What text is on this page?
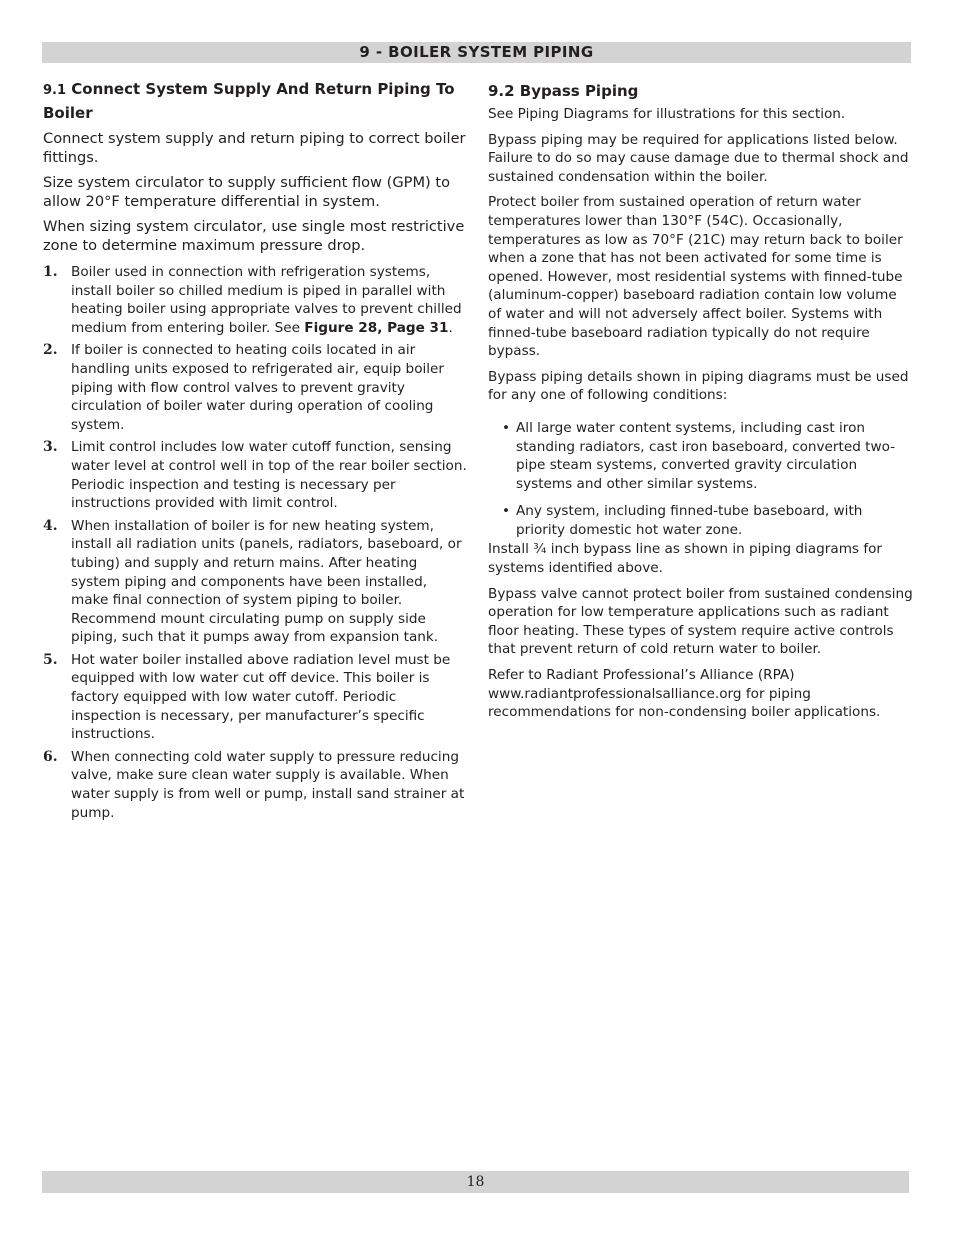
9 - BOILER SYSTEM PIPING
9.1 Connect System Supply And Return Piping To Boiler

Connect system supply and return piping to correct boiler fittings.

Size system circulator to supply sufficient flow (GPM) to allow 20°F temperature differential in system.

When sizing system circulator, use single most restrictive zone to determine maximum pressure drop.

1. Boiler used in connection with refrigeration systems, install boiler so chilled medium is piped in parallel with heating boiler using appropriate valves to prevent chilled medium from entering boiler. See Figure 28, Page 31.
2. If boiler is connected to heating coils located in air handling units exposed to refrigerated air, equip boiler piping with flow control valves to prevent gravity circulation of boiler water during operation of cooling system.
3. Limit control includes low water cutoff function, sensing water level at control well in top of the rear boiler section. Periodic inspection and testing is necessary per instructions provided with limit control.
4. When installation of boiler is for new heating system, install all radiation units (panels, radiators, baseboard, or tubing) and supply and return mains. After heating system piping and components have been installed, make final connection of system piping to boiler. Recommend mount circulating pump on supply side piping, such that it pumps away from expansion tank.
5. Hot water boiler installed above radiation level must be equipped with low water cut off device. This boiler is factory equipped with low water cutoff. Periodic inspection is necessary, per manufacturer’s specific instructions.
6. When connecting cold water supply to pressure reducing valve, make sure clean water supply is available. When water supply is from well or pump, install sand strainer at pump.
9.2 Bypass Piping

See Piping Diagrams for illustrations for this section.

Bypass piping may be required for applications listed below. Failure to do so may cause damage due to thermal shock and sustained condensation within the boiler.

Protect boiler from sustained operation of return water temperatures lower than 130°F (54C). Occasionally, temperatures as low as 70°F (21C) may return back to boiler when a zone that has not been activated for some time is opened. However, most residential systems with finned-tube (aluminum-copper) baseboard radiation contain low volume of water and will not adversely affect boiler. Systems with finned-tube baseboard radiation typically do not require bypass.

Bypass piping details shown in piping diagrams must be used for any one of following conditions:

• All large water content systems, including cast iron standing radiators, cast iron baseboard, converted two-pipe steam systems, converted gravity circulation systems and other similar systems.
• Any system, including finned-tube baseboard, with priority domestic hot water zone.

Install ¾ inch bypass line as shown in piping diagrams for systems identified above.

Bypass valve cannot protect boiler from sustained condensing operation for low temperature applications such as radiant floor heating. These types of system require active controls that prevent return of cold return water to boiler.

Refer to Radiant Professional’s Alliance (RPA) www.radiantprofessionalsalliance.org for piping recommendations for non-condensing boiler applications.

18
